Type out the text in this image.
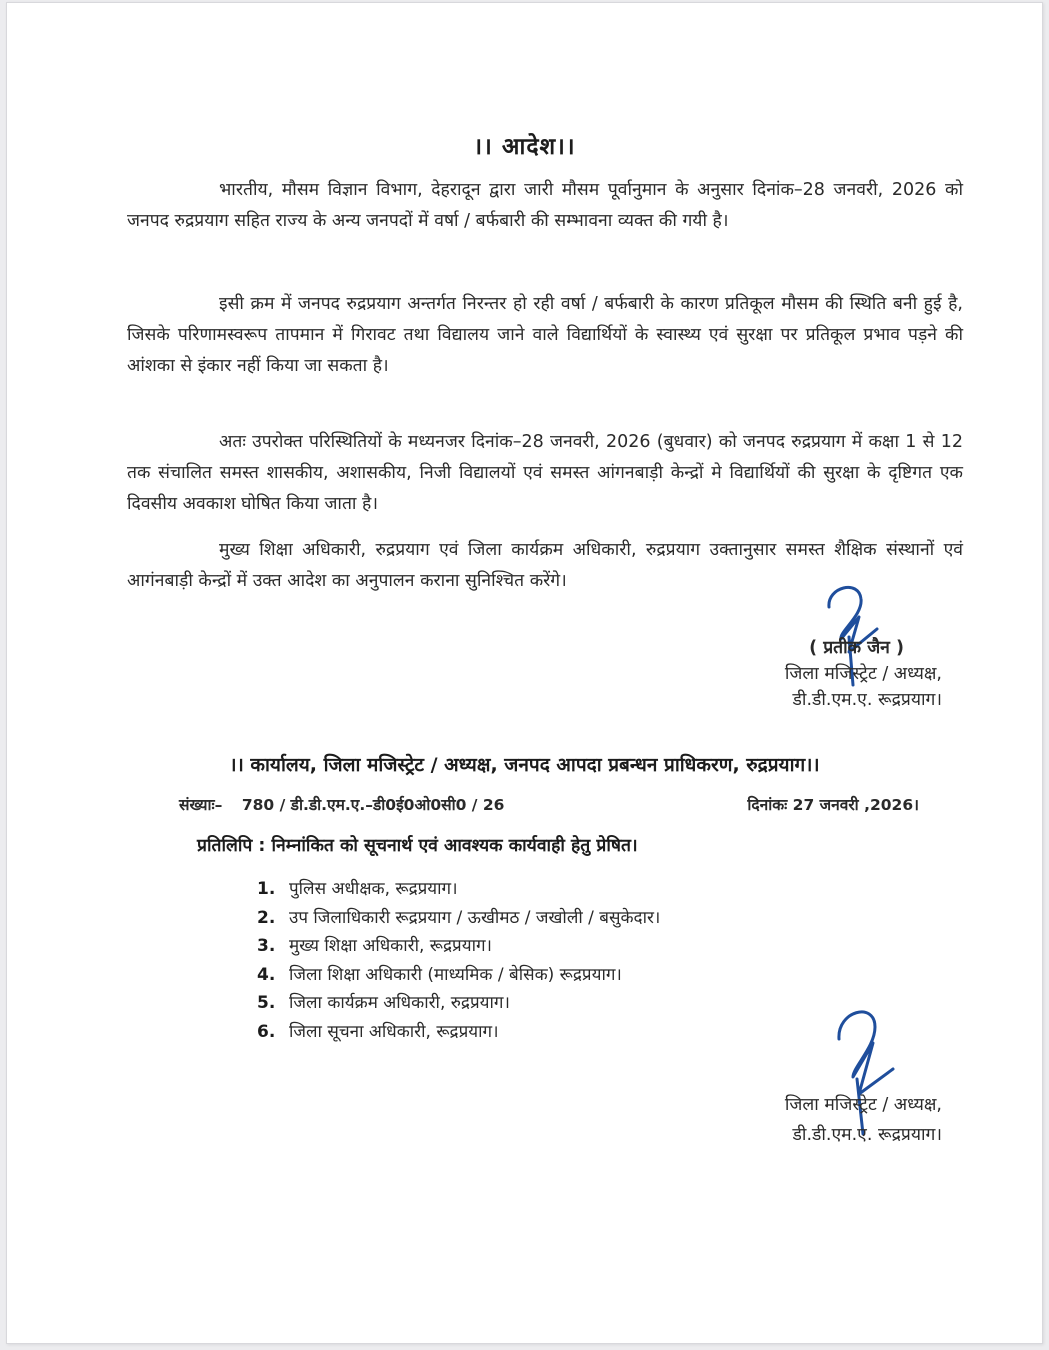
।। आदेश।।

भारतीय, मौसम विज्ञान विभाग, देहरादून द्वारा जारी मौसम पूर्वानुमान के अनुसार दिनांक–28 जनवरी, 2026 को जनपद रुद्रप्रयाग सहित राज्य के अन्य जनपदों में वर्षा / बर्फबारी की सम्भावना व्यक्त की गयी है।

इसी क्रम में जनपद रुद्रप्रयाग अन्तर्गत निरन्तर हो रही वर्षा / बर्फबारी के कारण प्रतिकूल मौसम की स्थिति बनी हुई है, जिसके परिणामस्वरूप तापमान में गिरावट तथा विद्यालय जाने वाले विद्यार्थियों के स्वास्थ्य एवं सुरक्षा पर प्रतिकूल प्रभाव पड़ने की आंशका से इंकार नहीं किया जा सकता है।

अतः उपरोक्त परिस्थितियों के मध्यनजर दिनांक–28 जनवरी, 2026 (बुधवार) को जनपद रुद्रप्रयाग में कक्षा 1 से 12 तक संचालित समस्त शासकीय, अशासकीय, निजी विद्यालयों एवं समस्त आंगनबाड़ी केन्द्रों मे विद्यार्थियों की सुरक्षा के दृष्टिगत एक दिवसीय अवकाश घोषित किया जाता है।

मुख्य शिक्षा अधिकारी, रुद्रप्रयाग एवं जिला कार्यक्रम अधिकारी, रुद्रप्रयाग उक्तानुसार समस्त शैक्षिक संस्थानों एवं आगंनबाड़ी केन्द्रों में उक्त आदेश का अनुपालन कराना सुनिश्चित करेंगे।

( प्रतीक जैन )
जिला मजिस्ट्रेट / अध्यक्ष,
डी.डी.एम.ए. रूद्रप्रयाग।
।। कार्यालय, जिला मजिस्ट्रेट / अध्यक्ष, जनपद आपदा प्रबन्धन प्राधिकरण, रुद्रप्रयाग।।
संख्याः– 780 / डी.डी.एम.ए.–डी0ई0ओ0सी0 / 26	दिनांकः 27 जनवरी ,2026।
प्रतिलिपि : निम्नांकित को सूचनार्थ एवं आवश्यक कार्यवाही हेतु प्रेषित।
1. पुलिस अधीक्षक, रूद्रप्रयाग।
2. उप जिलाधिकारी रूद्रप्रयाग / ऊखीमठ / जखोली / बसुकेदार।
3. मुख्य शिक्षा अधिकारी, रूद्रप्रयाग।
4. जिला शिक्षा अधिकारी (माध्यमिक / बेसिक) रूद्रप्रयाग।
5. जिला कार्यक्रम अधिकारी, रुद्रप्रयाग।
6. जिला सूचना अधिकारी, रूद्रप्रयाग।
जिला मजिस्ट्रेट / अध्यक्ष,
डी.डी.एम.ए. रूद्रप्रयाग।
